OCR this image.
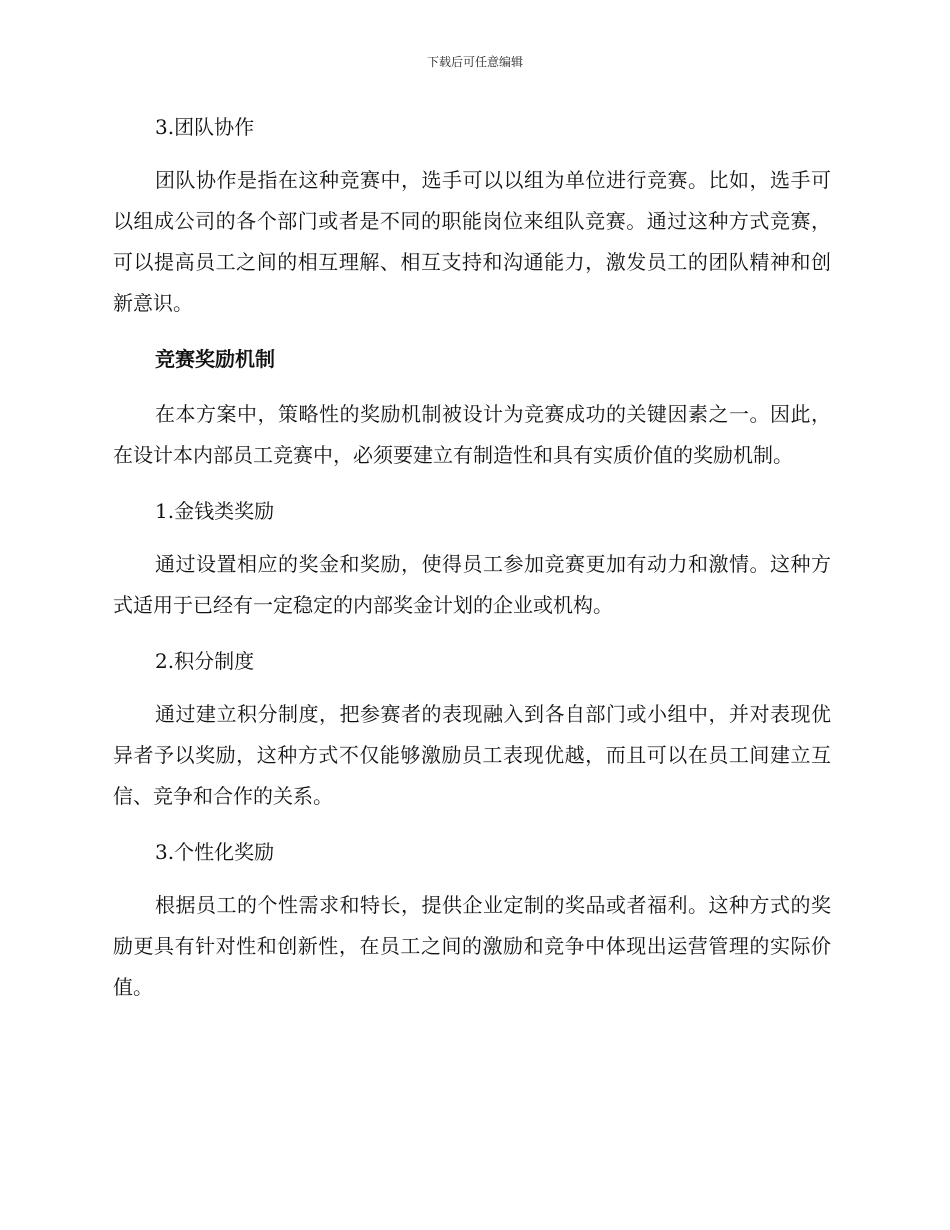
下载后可任意编辑
3.团队协作

团队协作是指在这种竞赛中，选手可以以组为单位进行竞赛。比如，选手可以组成公司的各个部门或者是不同的职能岗位来组队竞赛。通过这种方式竞赛，可以提高员工之间的相互理解、相互支持和沟通能力，激发员工的团队精神和创新意识。

竞赛奖励机制

在本方案中，策略性的奖励机制被设计为竞赛成功的关键因素之一。因此，在设计本内部员工竞赛中，必须要建立有制造性和具有实质价值的奖励机制。

1.金钱类奖励

通过设置相应的奖金和奖励，使得员工参加竞赛更加有动力和激情。这种方式适用于已经有一定稳定的内部奖金计划的企业或机构。

2.积分制度

通过建立积分制度，把参赛者的表现融入到各自部门或小组中，并对表现优异者予以奖励，这种方式不仅能够激励员工表现优越，而且可以在员工间建立互信、竞争和合作的关系。

3.个性化奖励

根据员工的个性需求和特长，提供企业定制的奖品或者福利。这种方式的奖励更具有针对性和创新性，在员工之间的激励和竞争中体现出运营管理的实际价值。
